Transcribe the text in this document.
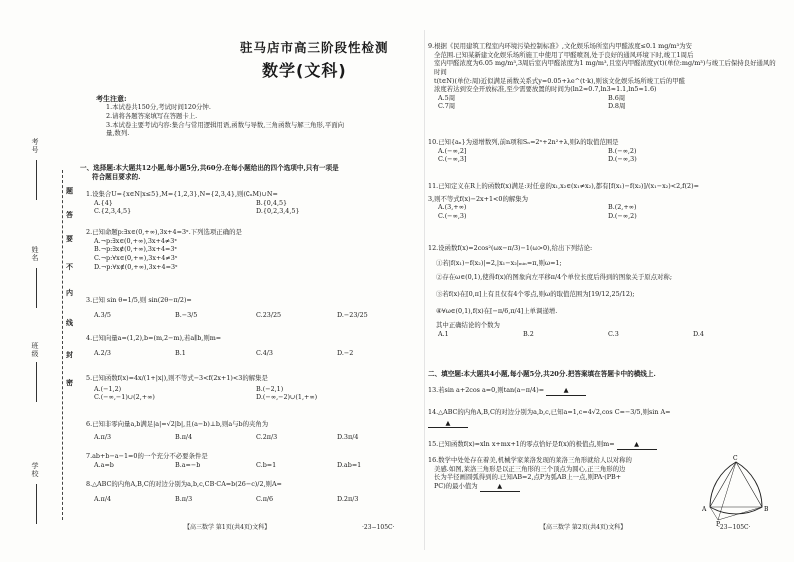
考号
姓名
班级
学校
题
答
要
不
内
线
封
密
驻马店市高三阶段性检测
数学(文科)
考生注意:
1.本试卷共150分,考试时间120分钟.
2.请将各题答案填写在答题卡上.
3.本试卷主要考试内容:集合与常用逻辑用语,函数与导数,三角函数与解三角形,平面向
量,数列.
一、选择题:本大题共12小题,每小题5分,共60分.在每小题给出的四个选项中,只有一项是
符合题目要求的.
1.设集合U={x∈N|x≤5},M={1,2,3},N={2,3,4},则(∁ᵤM)∪N=
A.{4}	B.{0,4,5}
C.{2,3,4,5}	D.{0,2,3,4,5}
2.已知命题p:∃x∈(0,+∞),3x+4=3ˣ.下列选项正确的是
A.¬p:∃x∈(0,+∞),3x+4≠3ˣ
B.¬p:∃x∉(0,+∞),3x+4=3ˣ
C.¬p:∀x∈(0,+∞),3x+4≠3ˣ
D.¬p:∀x∉(0,+∞),3x+4=3ˣ
3.已知 sin θ=1/5,则 sin(2θ−π/2)=
A.3/5	B.−3/5	C.23/25	D.−23/25
4.已知向量a=(1,2),b=(m,2−m),若a∥b,则m=
A.2/3	B.1	C.4/3	D.−2
5.已知函数f(x)=4x/(1+|x|),则不等式−3<f(2x+1)<3的解集是
A.(−1,2)	B.(−2,1)
C.(−∞,−1)∪(2,+∞)	D.(−∞,−2)∪(1,+∞)
6.已知非零向量a,b满足|a|=√2|b|,且(a−b)⊥b,则a与b的夹角为
A.π/3	B.π/4	C.2π/3	D.3π/4
7.ab+b−a−1=0的一个充分不必要条件是
A.a=b	B.a=−b	C.b=1	D.ab=1
8.△ABC的内角A,B,C的对边分别为a,b,c,CB·CA=b(26−c)/2,则A=
A.π/4	B.π/3	C.π/6	D.2π/3
【高三数学 第1页(共4页)文科】	·23−105C·
9.根据《民用建筑工程室内环境污染控制标准》,文化娱乐场所室内甲醛浓度≤0.1 mg/m³为安
全范围.已知某新建文化娱乐场所施工中使用了甲醛喷剂,处于良好的通风环境下时,竣工1周后
室内甲醛浓度为6.05 mg/m³,3周后室内甲醛浓度为1 mg/m³,且室内甲醛浓度y(t)(单位:mg/m³)与竣工后保持良好通风的时间
t(t∈N)(单位:周)近似满足函数关系式y=0.05+λe^(t·k),则该文化娱乐场所竣工后的甲醛
浓度若达到安全开放标准,至少需要放置的时间为(ln2≈0.7,ln3≈1.1,ln5≈1.6)
A.5周	B.6周
C.7周	D.8周
10.已知{aₙ}为递增数列,前n项和Sₙ=2ⁿ+2n²+λ,则λ的取值范围是
A.(−∞,2]	B.(−∞,2)
C.(−∞,3]	D.(−∞,3)
11.已知定义在R上的函数f(x)满足:对任意的x₁,x₂∈(x₁≠x₂),都有[f(x₁)−f(x₂)]/(x₁−x₂)<2,f(2)=
3,则不等式f(x)−2x+1<0的解集为
A.(3,+∞)	B.(2,+∞)
C.(−∞,3)	D.(−∞,2)
12.设函数f(x)=2cos²(ωx−π/3)−1(ω>0),给出下列结论:
①若|f(x₁)−f(x₂)|=2,|x₁−x₂|ₘᵢₙ=π,则ω=1;
②存在ω∈(0,1),使得f(x)的图象向左平移π/4个单位长度后得到的图象关于原点对称;
③若f(x)在[0,π]上有且仅有4个零点,则ω的取值范围为[19/12,25/12);
④∀ω∈(0,1),f(x)在[−π/6,π/4]上单调递增.
其中正确结论的个数为
A.1	B.2	C.3	D.4
二、填空题:本大题共4小题,每小题5分,共20分.把答案填在答题卡中的横线上.
13.若sin a+2cos a=0,则tan(a−π/4)=	▲
14.△ABC的内角A,B,C的对边分别为a,b,c,已知a=1,c=4√2,cos C=−3/5,则sin A=
▲
15.已知函数f(x)=xln x+mx+1的零点恰好是f(x)的极值点,则m=	▲
16.数学中处处存在着美,机械学家莱洛发现的莱洛三角形就给人以对称的
美感.如图,莱洛三角形是以正三角形的三个顶点为圆心,正三角形的边
长为半径画圆弧得到的.已知AB=2,点P为弧AB上一点,则PA·(PB+
PC)的最小值为	▲
C
B
A
P
【高三数学 第2页(共4页)文科】	·23−105C·
